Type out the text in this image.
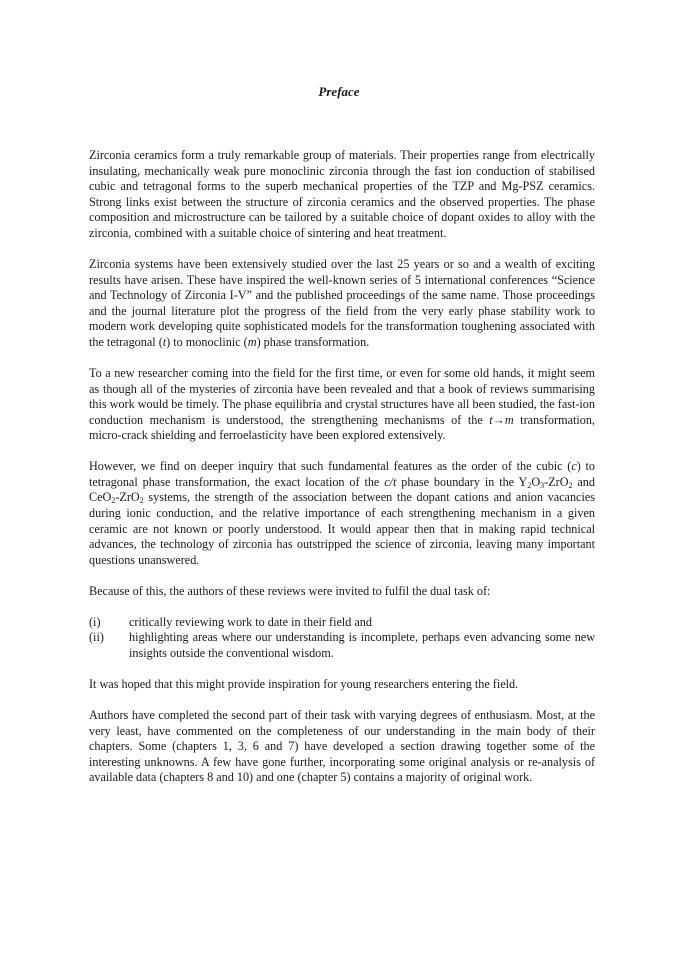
Preface

Zirconia ceramics form a truly remarkable group of materials. Their properties range from electrically insulating, mechanically weak pure monoclinic zirconia through the fast ion conduction of stabilised cubic and tetragonal forms to the superb mechanical properties of the TZP and Mg-PSZ ceramics. Strong links exist between the structure of zirconia ceramics and the observed properties. The phase composition and microstructure can be tailored by a suitable choice of dopant oxides to alloy with the zirconia, combined with a suitable choice of sintering and heat treatment.

Zirconia systems have been extensively studied over the last 25 years or so and a wealth of exciting results have arisen. These have inspired the well-known series of 5 international conferences “Science and Technology of Zirconia I-V” and the published proceedings of the same name. Those proceedings and the journal literature plot the progress of the field from the very early phase stability work to modern work developing quite sophisticated models for the transformation toughening associated with the tetragonal (t) to monoclinic (m) phase transformation.

To a new researcher coming into the field for the first time, or even for some old hands, it might seem as though all of the mysteries of zirconia have been revealed and that a book of reviews summarising this work would be timely. The phase equilibria and crystal structures have all been studied, the fast-ion conduction mechanism is understood, the strengthening mechanisms of the t→m transformation, micro-crack shielding and ferroelasticity have been explored extensively.

However, we find on deeper inquiry that such fundamental features as the order of the cubic (c) to tetragonal phase transformation, the exact location of the c/t phase boundary in the $Y_2O_3-ZrO_2$ and CeO$_2$-ZrO$_2$ systems, the strength of the association between the dopant cations and anion vacancies during ionic conduction, and the relative importance of each strengthening mechanism in a given ceramic are not known or poorly understood. It would appear then that in making rapid technical advances, the technology of zirconia has outstripped the science of zirconia, leaving many important questions unanswered.

Because of this, the authors of these reviews were invited to fulfil the dual task of:

(i)	critically reviewing work to date in their field and
(ii)	highlighting areas where our understanding is incomplete, perhaps even advancing some new insights outside the conventional wisdom.

It was hoped that this might provide inspiration for young researchers entering the field.

Authors have completed the second part of their task with varying degrees of enthusiasm. Most, at the very least, have commented on the completeness of our understanding in the main body of their chapters. Some (chapters 1, 3, 6 and 7) have developed a section drawing together some of the interesting unknowns. A few have gone further, incorporating some original analysis or re-analysis of available data (chapters 8 and 10) and one (chapter 5) contains a majority of original work.
